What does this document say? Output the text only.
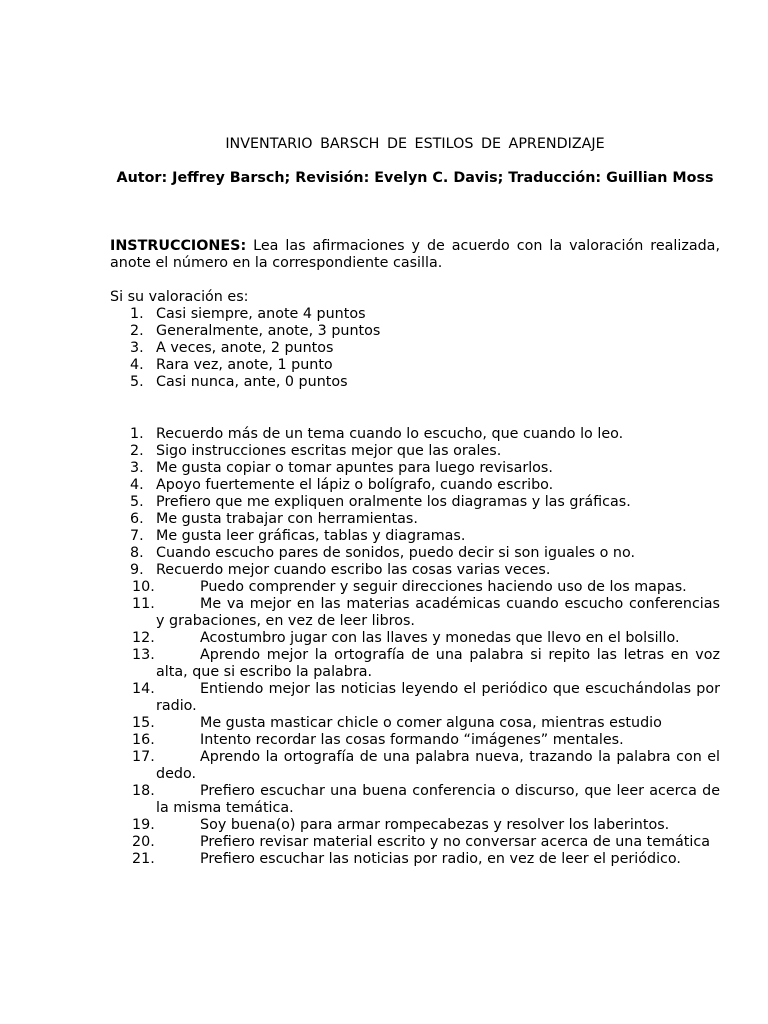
INVENTARIO BARSCH DE ESTILOS DE APRENDIZAJE

Autor: Jeffrey Barsch; Revisión: Evelyn C. Davis; Traducción: Guillian Moss

INSTRUCCIONES: Lea las afirmaciones y de acuerdo con la valoración realizada, anote el número en la correspondiente casilla.

Si su valoración es:

1. Casi siempre, anote 4 puntos
2. Generalmente, anote, 3 puntos
3. A veces, anote, 2 puntos
4. Rara vez, anote, 1 punto
5. Casi nunca, ante, 0 puntos
1. Recuerdo más de un tema cuando lo escucho, que cuando lo leo.
2. Sigo instrucciones escritas mejor que las orales.
3. Me gusta copiar o tomar apuntes para luego revisarlos.
4. Apoyo fuertemente el lápiz o bolígrafo, cuando escribo.
5. Prefiero que me expliquen oralmente los diagramas y las gráficas.
6. Me gusta trabajar con herramientas.
7. Me gusta leer gráficas, tablas y diagramas.
8. Cuando escucho pares de sonidos, puedo decir si son iguales o no.
9. Recuerdo mejor cuando escribo las cosas varias veces.
10.	Puedo comprender y seguir direcciones haciendo uso de los mapas.
11.	Me va mejor en las materias académicas cuando escucho conferencias y grabaciones, en vez de leer libros.
12.	Acostumbro jugar con las llaves y monedas que llevo en el bolsillo.
13.	Aprendo mejor la ortografía de una palabra si repito las letras en voz alta, que si escribo la palabra.
14.	Entiendo mejor las noticias leyendo el periódico que escuchándolas por radio.
15.	Me gusta masticar chicle o comer alguna cosa, mientras estudio
16.	Intento recordar las cosas formando “imágenes” mentales.
17.	Aprendo la ortografía de una palabra nueva, trazando la palabra con el dedo.
18.	Prefiero escuchar una buena conferencia o discurso, que leer acerca de la misma temática.
19.	Soy buena(o) para armar rompecabezas y resolver los laberintos.
20.	Prefiero revisar material escrito y no conversar acerca de una temática
21.	Prefiero escuchar las noticias por radio, en vez de leer el periódico.
